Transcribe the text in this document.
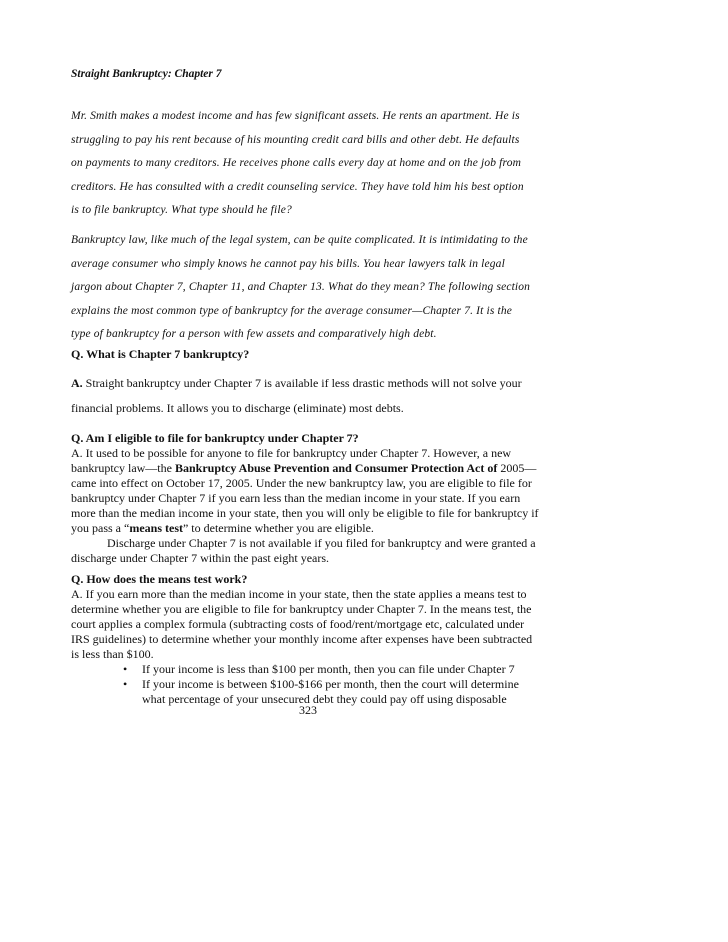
Straight Bankruptcy: Chapter 7
Mr. Smith makes a modest income and has few significant assets. He rents an apartment. He is
struggling to pay his rent because of his mounting credit card bills and other debt. He defaults
on payments to many creditors. He receives phone calls every day at home and on the job from
creditors. He has consulted with a credit counseling service. They have told him his best option
is to file bankruptcy. What type should he file?
Bankruptcy law, like much of the legal system, can be quite complicated. It is intimidating to the
average consumer who simply knows he cannot pay his bills. You hear lawyers talk in legal
jargon about Chapter 7, Chapter 11, and Chapter 13. What do they mean? The following section
explains the most common type of bankruptcy for the average consumer—Chapter 7. It is the
type of bankruptcy for a person with few assets and comparatively high debt.
Q. What is Chapter 7 bankruptcy?
A. Straight bankruptcy under Chapter 7 is available if less drastic methods will not solve your
financial problems. It allows you to discharge (eliminate) most debts.
Q. Am I eligible to file for bankruptcy under Chapter 7?
A. It used to be possible for anyone to file for bankruptcy under Chapter 7. However, a new
bankruptcy law—the Bankruptcy Abuse Prevention and Consumer Protection Act of 2005—
came into effect on October 17, 2005. Under the new bankruptcy law, you are eligible to file for
bankruptcy under Chapter 7 if you earn less than the median income in your state. If you earn
more than the median income in your state, then you will only be eligible to file for bankruptcy if
you pass a “means test” to determine whether you are eligible.
Discharge under Chapter 7 is not available if you filed for bankruptcy and were granted a
discharge under Chapter 7 within the past eight years.
Q. How does the means test work?
A. If you earn more than the median income in your state, then the state applies a means test to
determine whether you are eligible to file for bankruptcy under Chapter 7. In the means test, the
court applies a complex formula (subtracting costs of food/rent/mortgage etc, calculated under
IRS guidelines) to determine whether your monthly income after expenses have been subtracted
is less than $100.
• If your income is less than $100 per month, then you can file under Chapter 7
• If your income is between $100-$166 per month, then the court will determine
what percentage of your unsecured debt they could pay off using disposable
323
